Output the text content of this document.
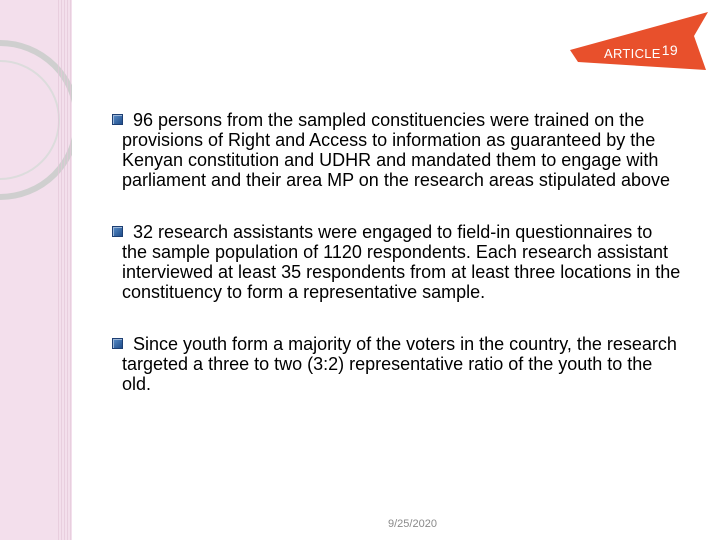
ARTICLE$^{19}$

96 persons from the sampled constituencies were trained on the provisions of Right and Access to information as guaranteed by the Kenyan constitution and UDHR and mandated them to engage with parliament and their area MP on the research areas stipulated above

32 research assistants were engaged to field-in questionnaires to the sample population of 1120 respondents. Each research assistant interviewed at least 35 respondents from at least three locations in the constituency to form a representative sample.

Since youth form a majority of the voters in the country, the research targeted a three to two (3:2) representative ratio of the youth to the old.

9/25/2020
